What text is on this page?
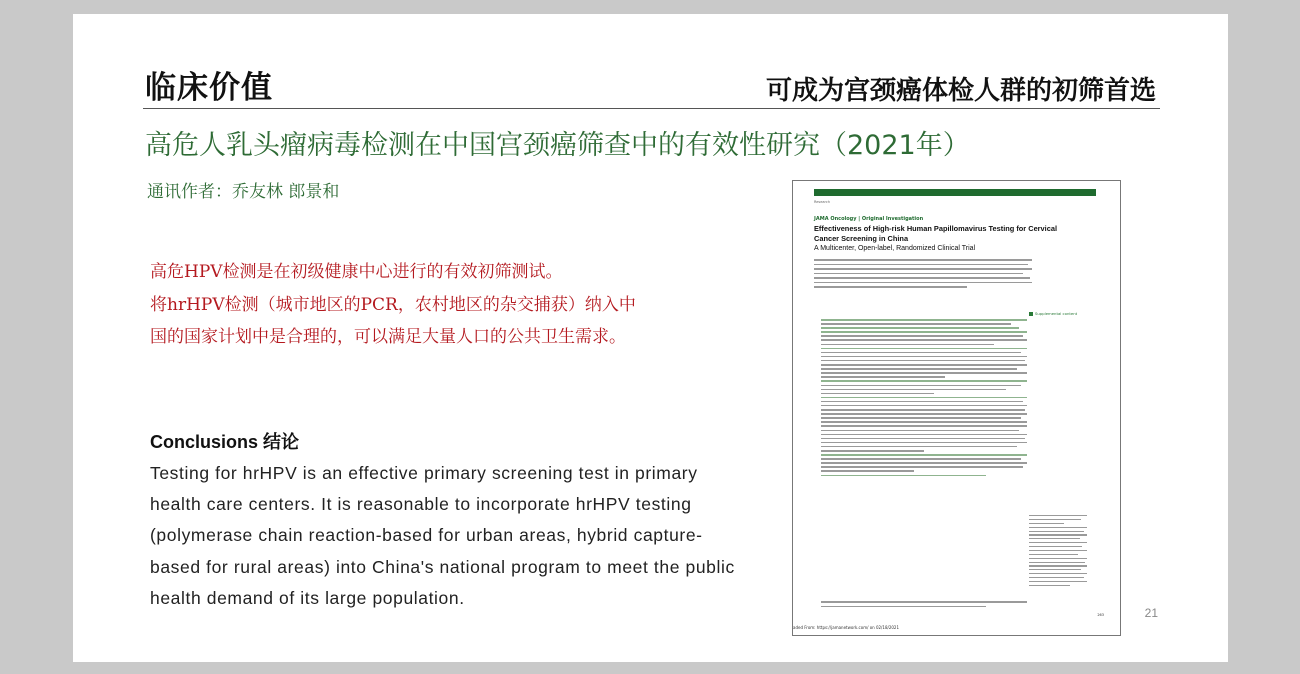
临床价值	可成为宫颈癌体检人群的初筛首选
高危人乳头瘤病毒检测在中国宫颈癌筛查中的有效性研究（2021年）
通讯作者：乔友林 郎景和
高危HPV检测是在初级健康中心进行的有效初筛测试。
将hrHPV检测（城市地区的PCR，农村地区的杂交捕获）纳入中
国的国家计划中是合理的，可以满足大量人口的公共卫生需求。
Conclusions 结论
Testing for hrHPV is an effective primary screening test in primary health care centers. It is reasonable to incorporate hrHPV testing (polymerase chain reaction-based for urban areas, hybrid capture-based for rural areas) into China's national program to meet the public health demand of its large population.
Research
JAMA Oncology | Original Investigation
Effectiveness of High-risk Human Papillomavirus Testing for Cervical Cancer Screening in China
A Multicenter, Open-label, Randomized Clinical Trial
Supplemental content
263
aded From: https://jamanetwork.com/ on 02/18/2021
21
